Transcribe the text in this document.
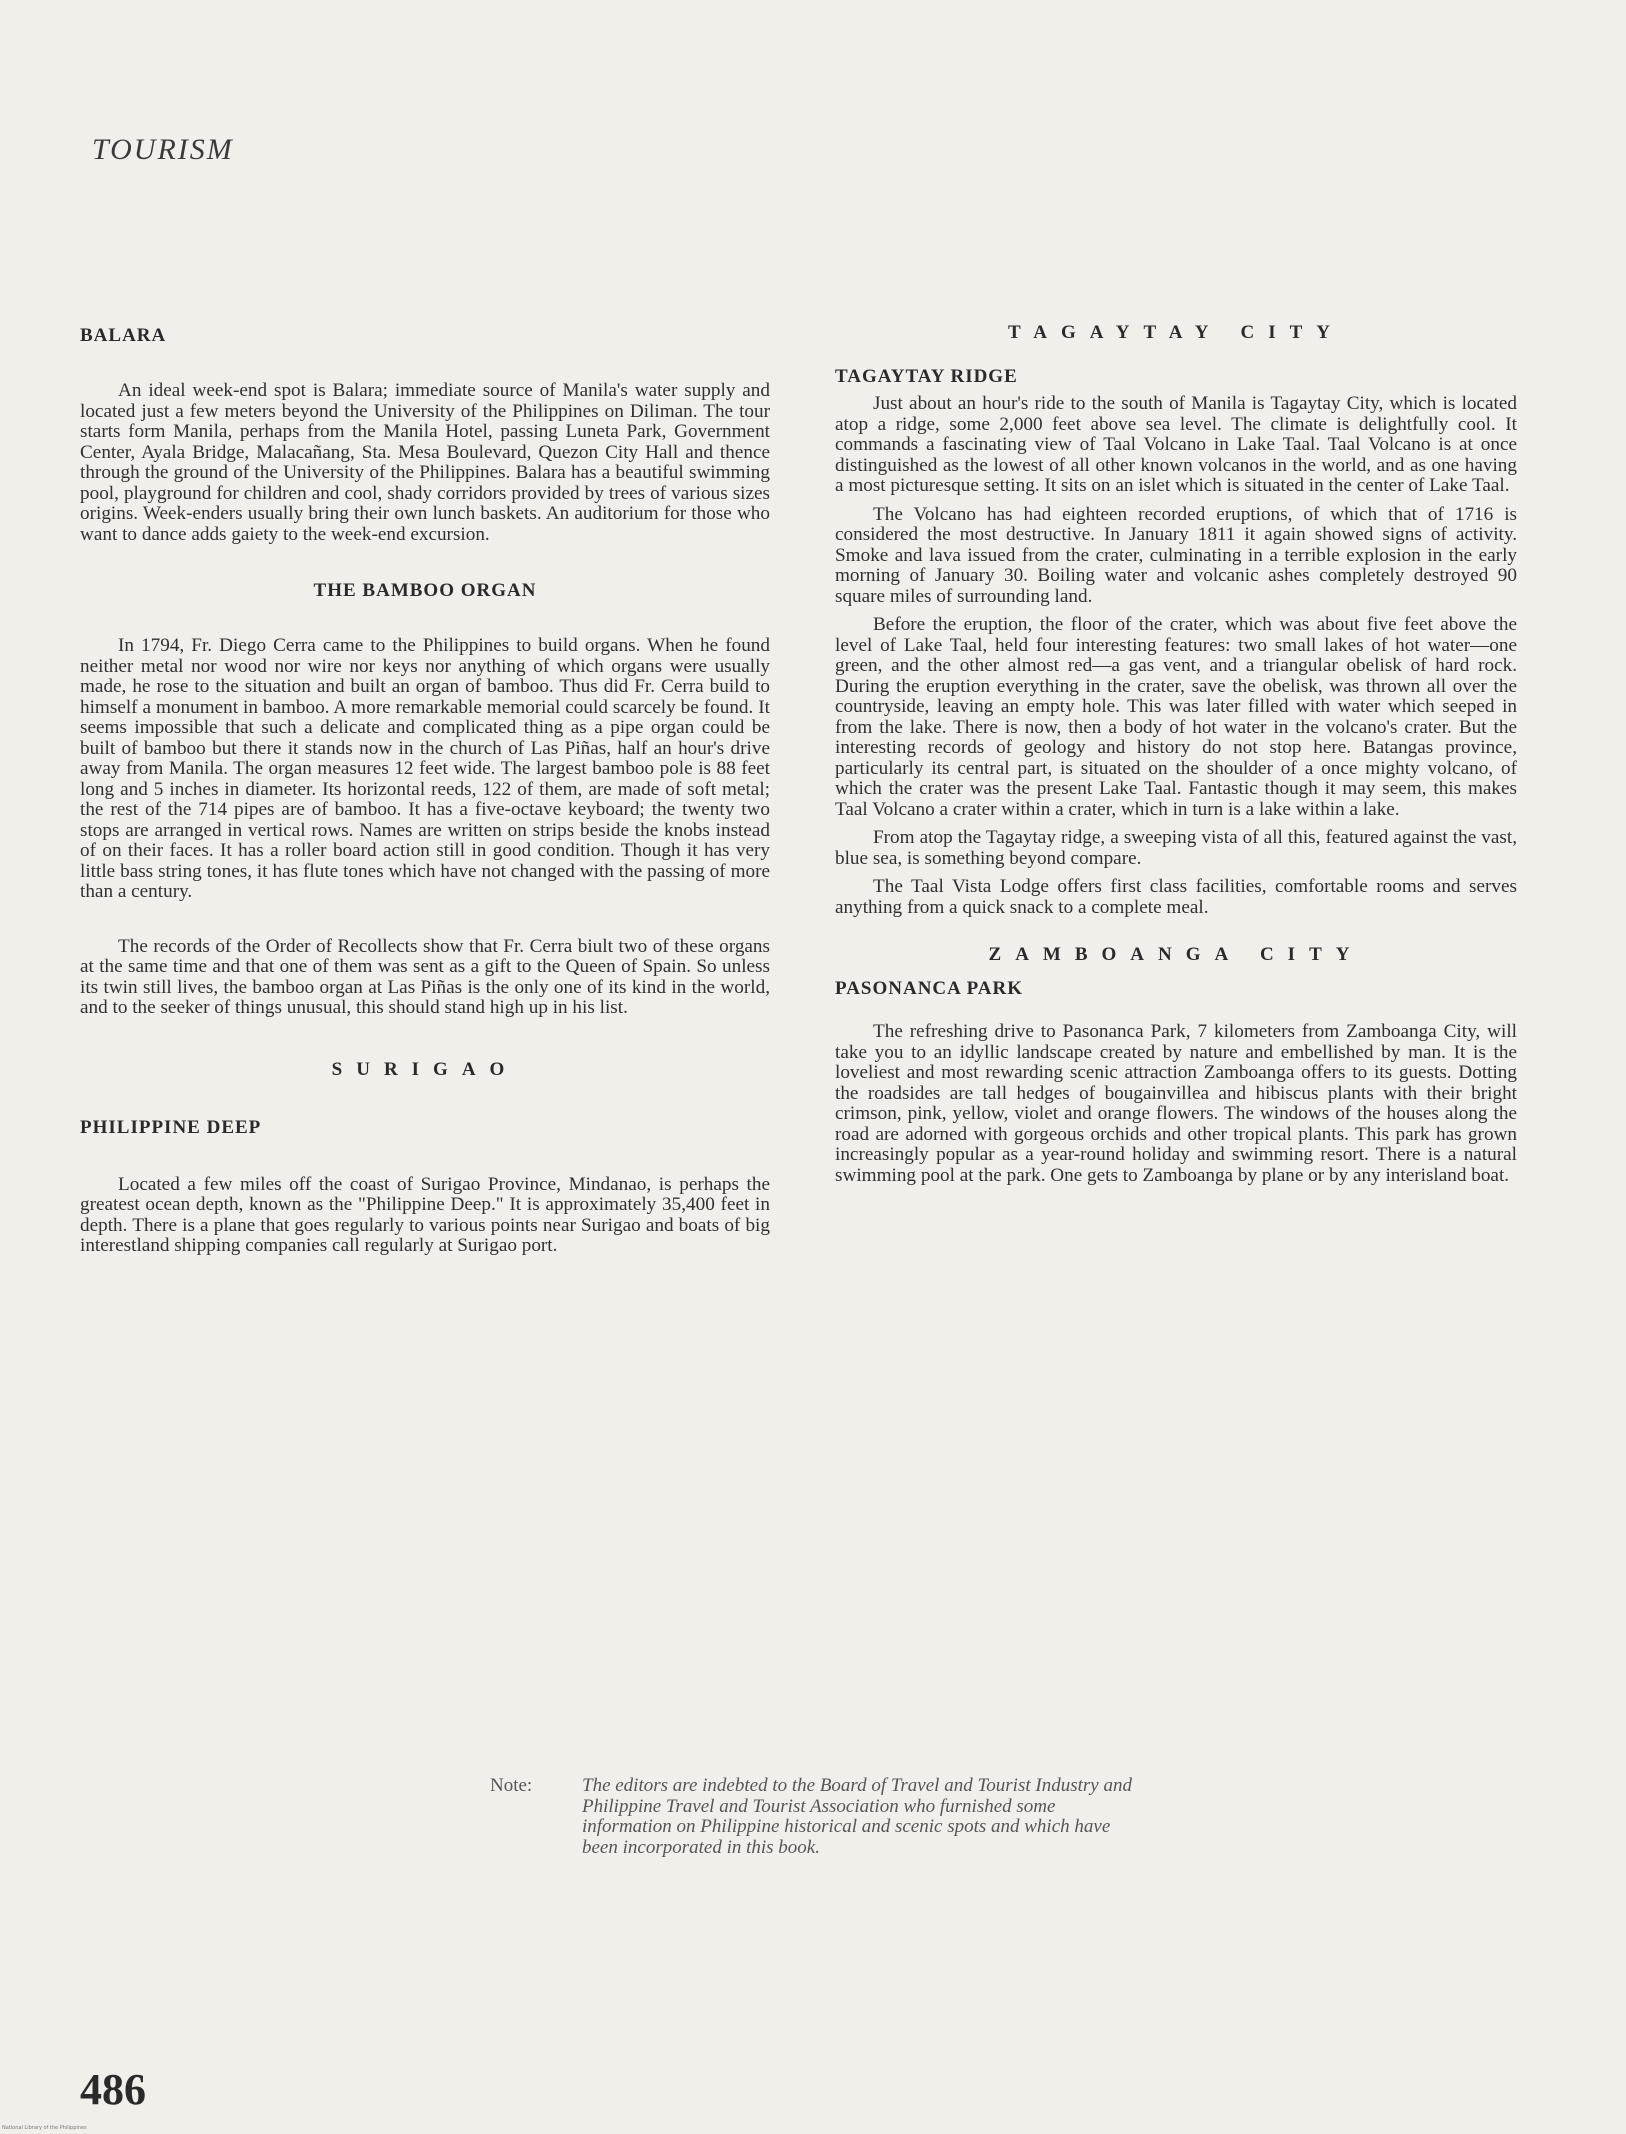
TOURISM
BALARA

An ideal week-end spot is Balara; immediate source of Manila's water supply and located just a few meters beyond the University of the Philippines on Diliman. The tour starts form Manila, perhaps from the Manila Hotel, passing Luneta Park, Government Center, Ayala Bridge, Malacañang, Sta. Mesa Boulevard, Quezon City Hall and thence through the ground of the University of the Philippines. Balara has a beautiful swimming pool, playground for children and cool, shady corridors provided by trees of various sizes origins. Week-enders usually bring their own lunch baskets. An auditorium for those who want to dance adds gaiety to the week-end excursion.

THE BAMBOO ORGAN

In 1794, Fr. Diego Cerra came to the Philippines to build organs. When he found neither metal nor wood nor wire nor keys nor anything of which organs were usually made, he rose to the situation and built an organ of bamboo. Thus did Fr. Cerra build to himself a monument in bamboo. A more remarkable memorial could scarcely be found. It seems impossible that such a delicate and complicated thing as a pipe organ could be built of bamboo but there it stands now in the church of Las Piñas, half an hour's drive away from Manila. The organ measures 12 feet wide. The largest bamboo pole is 88 feet long and 5 inches in diameter. Its horizontal reeds, 122 of them, are made of soft metal; the rest of the 714 pipes are of bamboo. It has a five-octave keyboard; the twenty two stops are arranged in vertical rows. Names are written on strips beside the knobs instead of on their faces. It has a roller board action still in good condition. Though it has very little bass string tones, it has flute tones which have not changed with the passing of more than a century.

The records of the Order of Recollects show that Fr. Cerra biult two of these organs at the same time and that one of them was sent as a gift to the Queen of Spain. So unless its twin still lives, the bamboo organ at Las Piñas is the only one of its kind in the world, and to the seeker of things unusual, this should stand high up in his list.

SURIGAO
PHILIPPINE DEEP

Located a few miles off the coast of Surigao Province, Mindanao, is perhaps the greatest ocean depth, known as the "Philippine Deep." It is approximately 35,400 feet in depth. There is a plane that goes regularly to various points near Surigao and boats of big interestland shipping companies call regularly at Surigao port.

TAGAYTAY CITY
TAGAYTAY RIDGE

Just about an hour's ride to the south of Manila is Tagaytay City, which is located atop a ridge, some 2,000 feet above sea level. The climate is delightfully cool. It commands a fascinating view of Taal Volcano in Lake Taal. Taal Volcano is at once distinguished as the lowest of all other known volcanos in the world, and as one having a most picturesque setting. It sits on an islet which is situated in the center of Lake Taal.

The Volcano has had eighteen recorded eruptions, of which that of 1716 is considered the most destructive. In January 1811 it again showed signs of activity. Smoke and lava issued from the crater, culminating in a terrible explosion in the early morning of January 30. Boiling water and volcanic ashes completely destroyed 90 square miles of surrounding land.

Before the eruption, the floor of the crater, which was about five feet above the level of Lake Taal, held four interesting features: two small lakes of hot water—one green, and the other almost red—a gas vent, and a triangular obelisk of hard rock. During the eruption everything in the crater, save the obelisk, was thrown all over the countryside, leaving an empty hole. This was later filled with water which seeped in from the lake. There is now, then a body of hot water in the volcano's crater. But the interesting records of geology and history do not stop here. Batangas province, particularly its central part, is situated on the shoulder of a once mighty volcano, of which the crater was the present Lake Taal. Fantastic though it may seem, this makes Taal Volcano a crater within a crater, which in turn is a lake within a lake.

From atop the Tagaytay ridge, a sweeping vista of all this, featured against the vast, blue sea, is something beyond compare.

The Taal Vista Lodge offers first class facilities, comfortable rooms and serves anything from a quick snack to a complete meal.

ZAMBOANGA CITY
PASONANCA PARK

The refreshing drive to Pasonanca Park, 7 kilometers from Zamboanga City, will take you to an idyllic landscape created by nature and embellished by man. It is the loveliest and most rewarding scenic attraction Zamboanga offers to its guests. Dotting the roadsides are tall hedges of bougainvillea and hibiscus plants with their bright crimson, pink, yellow, violet and orange flowers. The windows of the houses along the road are adorned with gorgeous orchids and other tropical plants. This park has grown increasingly popular as a year-round holiday and swimming resort. There is a natural swimming pool at the park. One gets to Zamboanga by plane or by any interisland boat.

Note:	The editors are indebted to the Board of Travel and Tourist Industry and Philippine Travel and Tourist Association who furnished some information on Philippine historical and scenic spots and which have been incorporated in this book.
486
National Library of the Philippines
